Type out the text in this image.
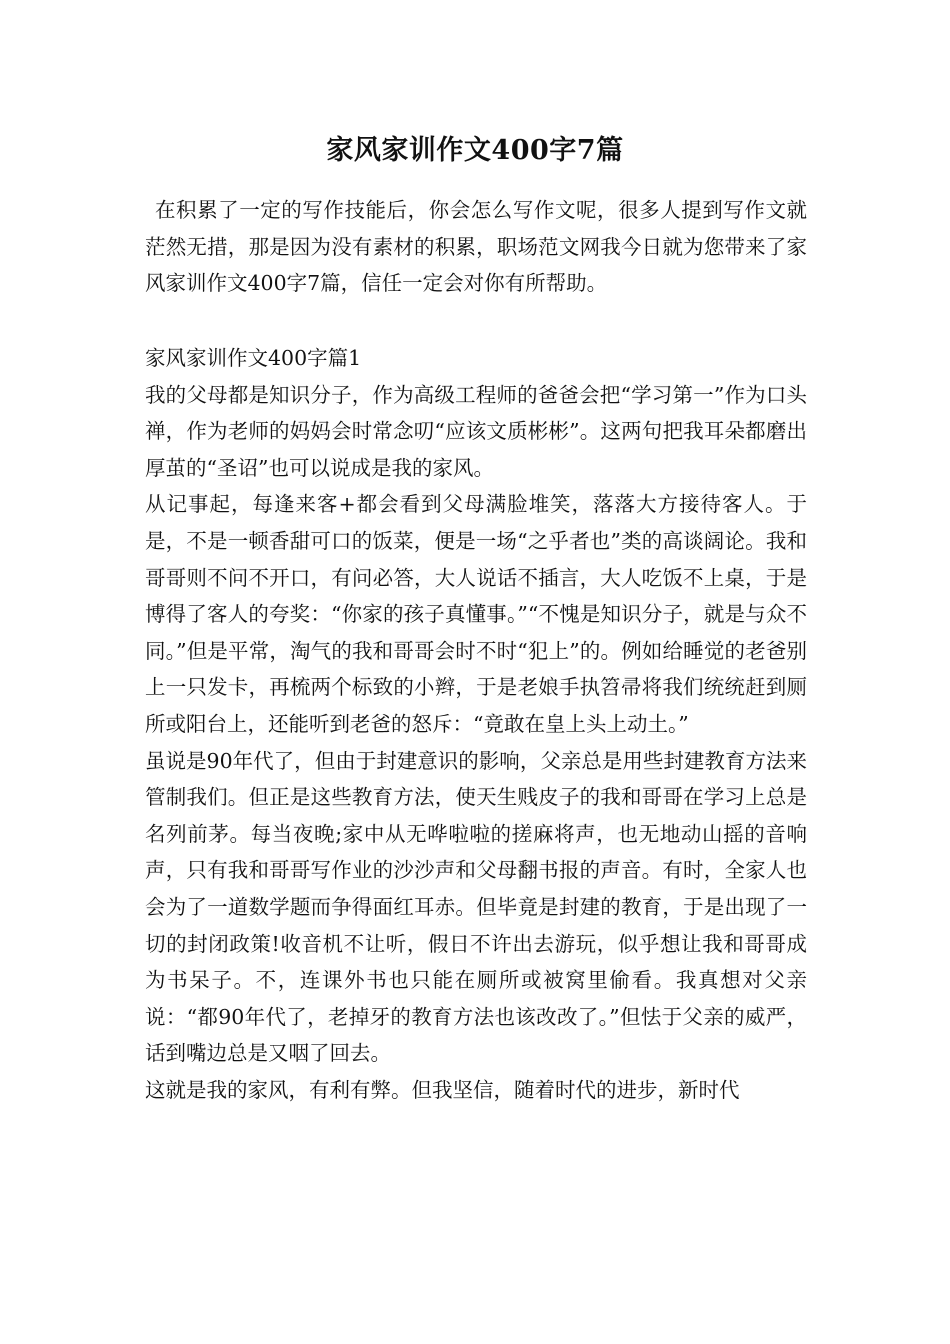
家风家训作文400字7篇

在积累了一定的写作技能后，你会怎么写作文呢，很多人提到写作文就茫然无措，那是因为没有素材的积累，职场范文网我今日就为您带来了家风家训作文400字7篇，信任一定会对你有所帮助。

家风家训作文400字篇1

我的父母都是知识分子，作为高级工程师的爸爸会把“学习第一”作为口头禅，作为老师的妈妈会时常念叨“应该文质彬彬”。这两句把我耳朵都磨出厚茧的“圣诏”也可以说成是我的家风。

从记事起，每逢来客+都会看到父母满脸堆笑，落落大方接待客人。于是，不是一顿香甜可口的饭菜，便是一场“之乎者也”类的高谈阔论。我和哥哥则不问不开口，有问必答，大人说话不插言，大人吃饭不上桌，于是博得了客人的夸奖：“你家的孩子真懂事。”“不愧是知识分子，就是与众不同。”但是平常，淘气的我和哥哥会时不时“犯上”的。例如给睡觉的老爸别上一只发卡，再梳两个标致的小辫，于是老娘手执笤帚将我们统统赶到厕所或阳台上，还能听到老爸的怒斥：“竟敢在皇上头上动土。”

虽说是90年代了，但由于封建意识的影响，父亲总是用些封建教育方法来管制我们。但正是这些教育方法，使天生贱皮子的我和哥哥在学习上总是名列前茅。每当夜晚;家中从无哗啦啦的搓麻将声，也无地动山摇的音响声，只有我和哥哥写作业的沙沙声和父母翻书报的声音。有时，全家人也会为了一道数学题而争得面红耳赤。但毕竟是封建的教育，于是出现了一切的封闭政策!收音机不让听，假日不许出去游玩，似乎想让我和哥哥成为书呆子。不，连课外书也只能在厕所或被窝里偷看。我真想对父亲说：“都90年代了，老掉牙的教育方法也该改改了。”但怯于父亲的威严，话到嘴边总是又咽了回去。

这就是我的家风，有利有弊。但我坚信，随着时代的进步，新时代
